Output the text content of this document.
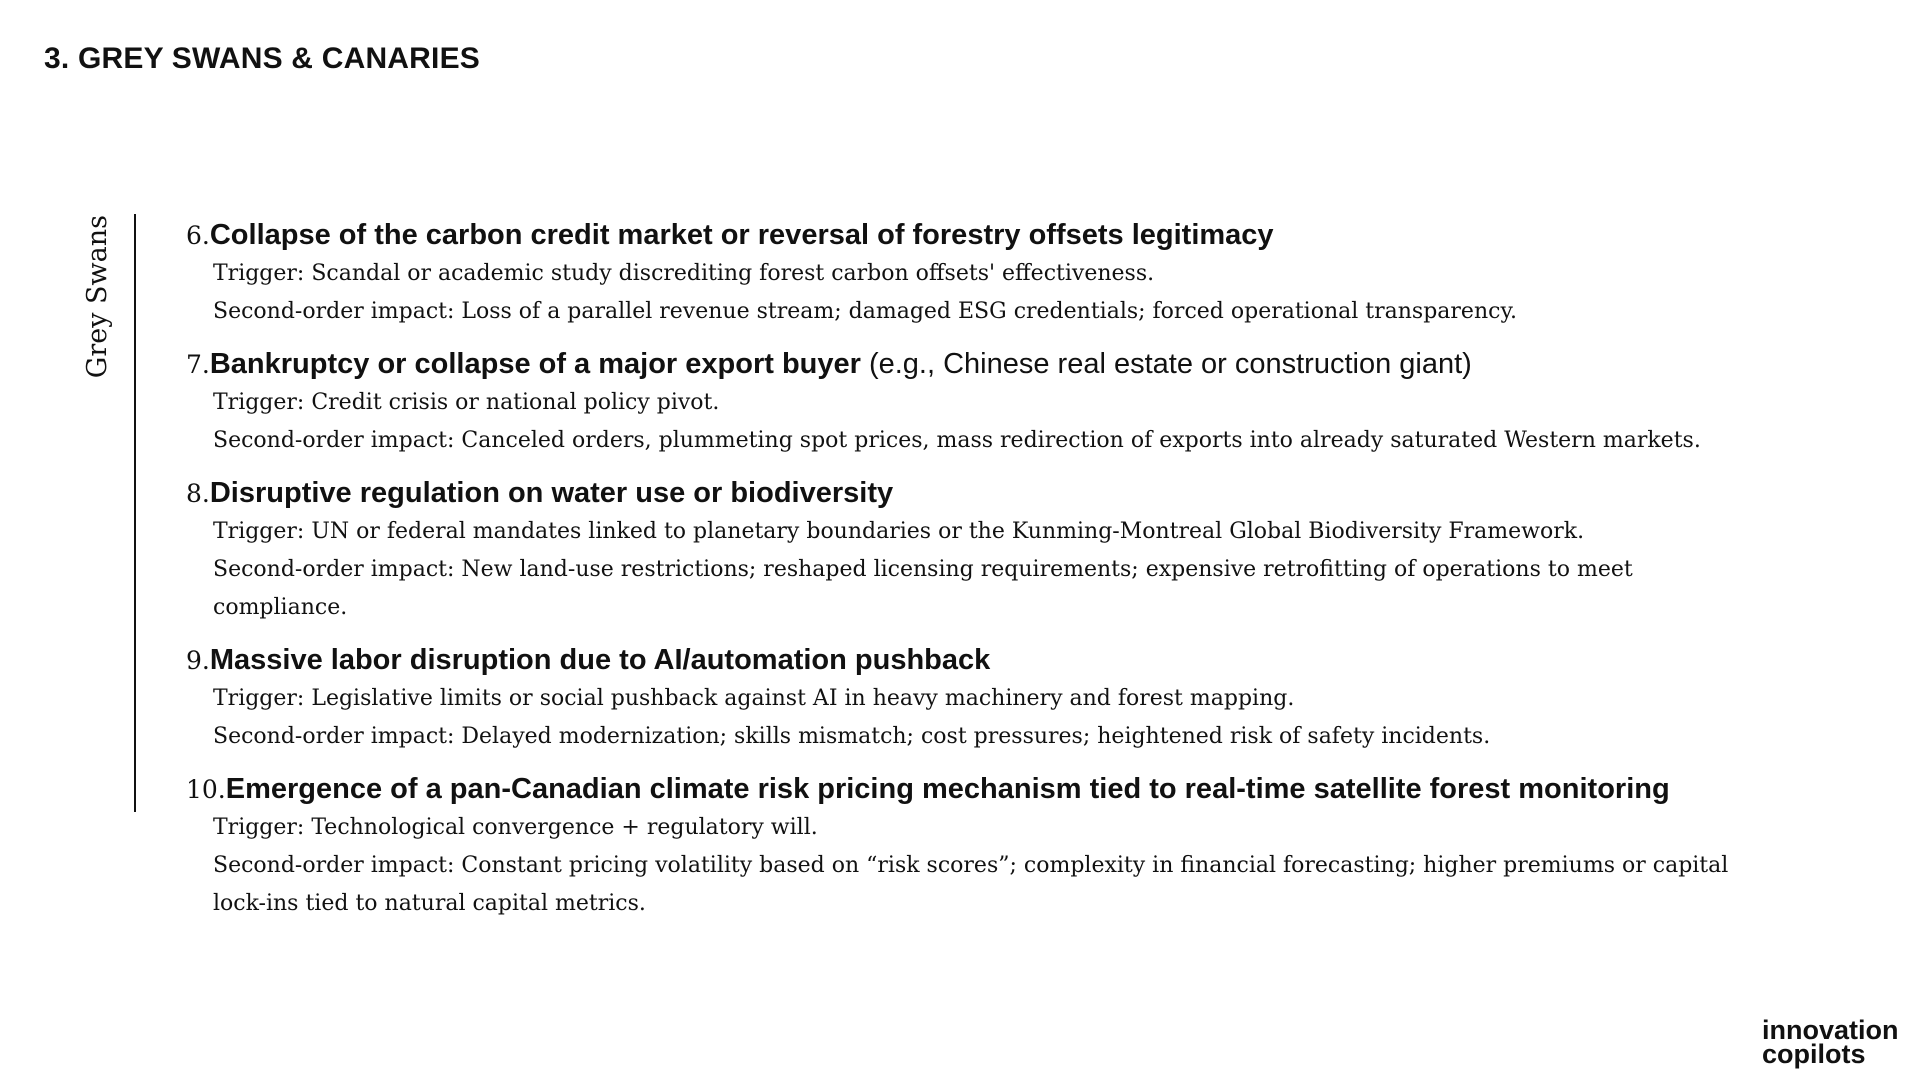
3. GREY SWANS & CANARIES
Grey Swans	6. Collapse of the carbon credit market or reversal of forestry offsets legitimacy

Trigger: Scandal or academic study discrediting forest carbon offsets' effectiveness.

Second-order impact: Loss of a parallel revenue stream; damaged ESG credentials; forced operational transparency.

7. Bankruptcy or collapse of a major export buyer (e.g., Chinese real estate or construction giant)

Trigger: Credit crisis or national policy pivot.

Second-order impact: Canceled orders, plummeting spot prices, mass redirection of exports into already saturated Western markets.

8. Disruptive regulation on water use or biodiversity

Trigger: UN or federal mandates linked to planetary boundaries or the Kunming-Montreal Global Biodiversity Framework.

Second-order impact: New land-use restrictions; reshaped licensing requirements; expensive retrofitting of operations to meet compliance.

9. Massive labor disruption due to AI/automation pushback

Trigger: Legislative limits or social pushback against AI in heavy machinery and forest mapping.

Second-order impact: Delayed modernization; skills mismatch; cost pressures; heightened risk of safety incidents.

10. Emergence of a pan-Canadian climate risk pricing mechanism tied to real-time satellite forest monitoring

Trigger: Technological convergence + regulatory will.

Second-order impact: Constant pricing volatility based on “risk scores”; complexity in financial forecasting; higher premiums or capital lock-ins tied to natural capital metrics.

innovation
copilots
